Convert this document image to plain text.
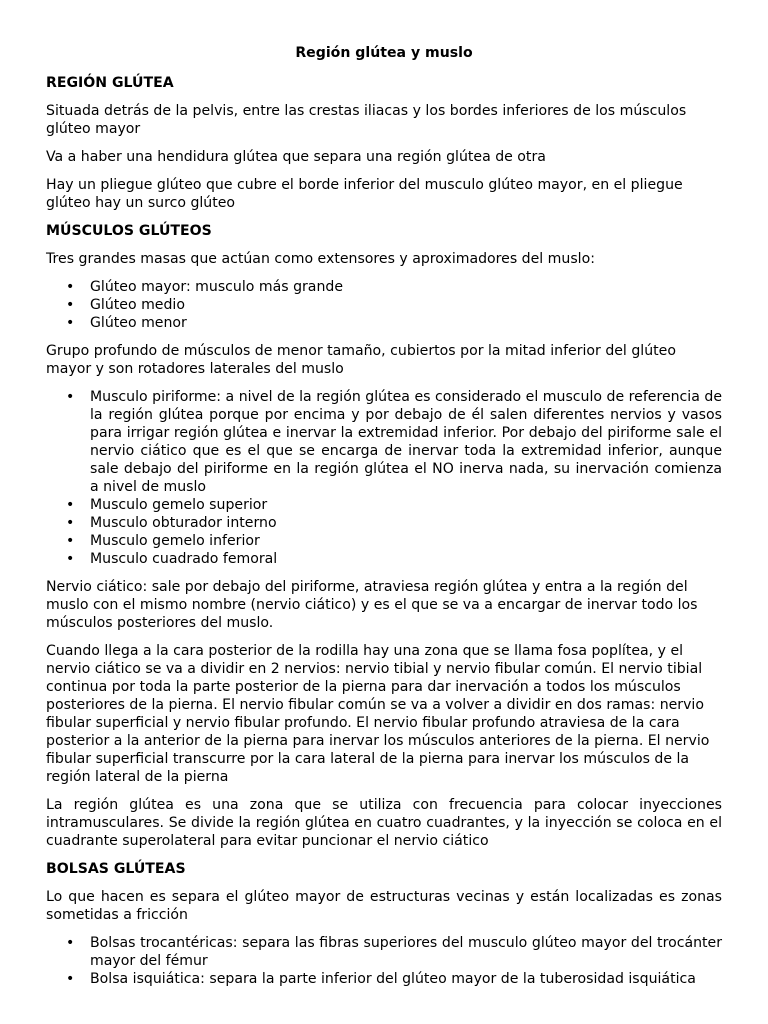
Región glútea y muslo
REGIÓN GLÚTEA

Situada detrás de la pelvis, entre las crestas iliacas y los bordes inferiores de los músculos glúteo mayor

Va a haber una hendidura glútea que separa una región glútea de otra

Hay un pliegue glúteo que cubre el borde inferior del musculo glúteo mayor, en el pliegue glúteo hay un surco glúteo

MÚSCULOS GLÚTEOS

Tres grandes masas que actúan como extensores y aproximadores del muslo:

• Glúteo mayor: musculo más grande
• Glúteo medio
• Glúteo menor

Grupo profundo de músculos de menor tamaño, cubiertos por la mitad inferior del glúteo mayor y son rotadores laterales del muslo

• Musculo piriforme: a nivel de la región glútea es considerado el musculo de referencia de la región glútea porque por encima y por debajo de él salen diferentes nervios y vasos para irrigar región glútea e inervar la extremidad inferior. Por debajo del piriforme sale el nervio ciático que es el que se encarga de inervar toda la extremidad inferior, aunque sale debajo del piriforme en la región glútea el NO inerva nada, su inervación comienza a nivel de muslo
• Musculo gemelo superior
• Musculo obturador interno
• Musculo gemelo inferior
• Musculo cuadrado femoral

Nervio ciático: sale por debajo del piriforme, atraviesa región glútea y entra a la región del muslo con el mismo nombre (nervio ciático) y es el que se va a encargar de inervar todo los músculos posteriores del muslo.

Cuando llega a la cara posterior de la rodilla hay una zona que se llama fosa poplítea, y el nervio ciático se va a dividir en 2 nervios: nervio tibial y nervio fibular común. El nervio tibial continua por toda la parte posterior de la pierna para dar inervación a todos los músculos posteriores de la pierna. El nervio fibular común se va a volver a dividir en dos ramas: nervio fibular superficial y nervio fibular profundo. El nervio fibular profundo atraviesa de la cara posterior a la anterior de la pierna para inervar los músculos anteriores de la pierna. El nervio fibular superficial transcurre por la cara lateral de la pierna para inervar los músculos de la región lateral de la pierna

La región glútea es una zona que se utiliza con frecuencia para colocar inyecciones intramusculares. Se divide la región glútea en cuatro cuadrantes, y la inyección se coloca en el cuadrante superolateral para evitar puncionar el nervio ciático

BOLSAS GLÚTEAS

Lo que hacen es separa el glúteo mayor de estructuras vecinas y están localizadas es zonas sometidas a fricción

• Bolsas trocantéricas: separa las fibras superiores del musculo glúteo mayor del trocánter mayor del fémur
• Bolsa isquiática: separa la parte inferior del glúteo mayor de la tuberosidad isquiática
